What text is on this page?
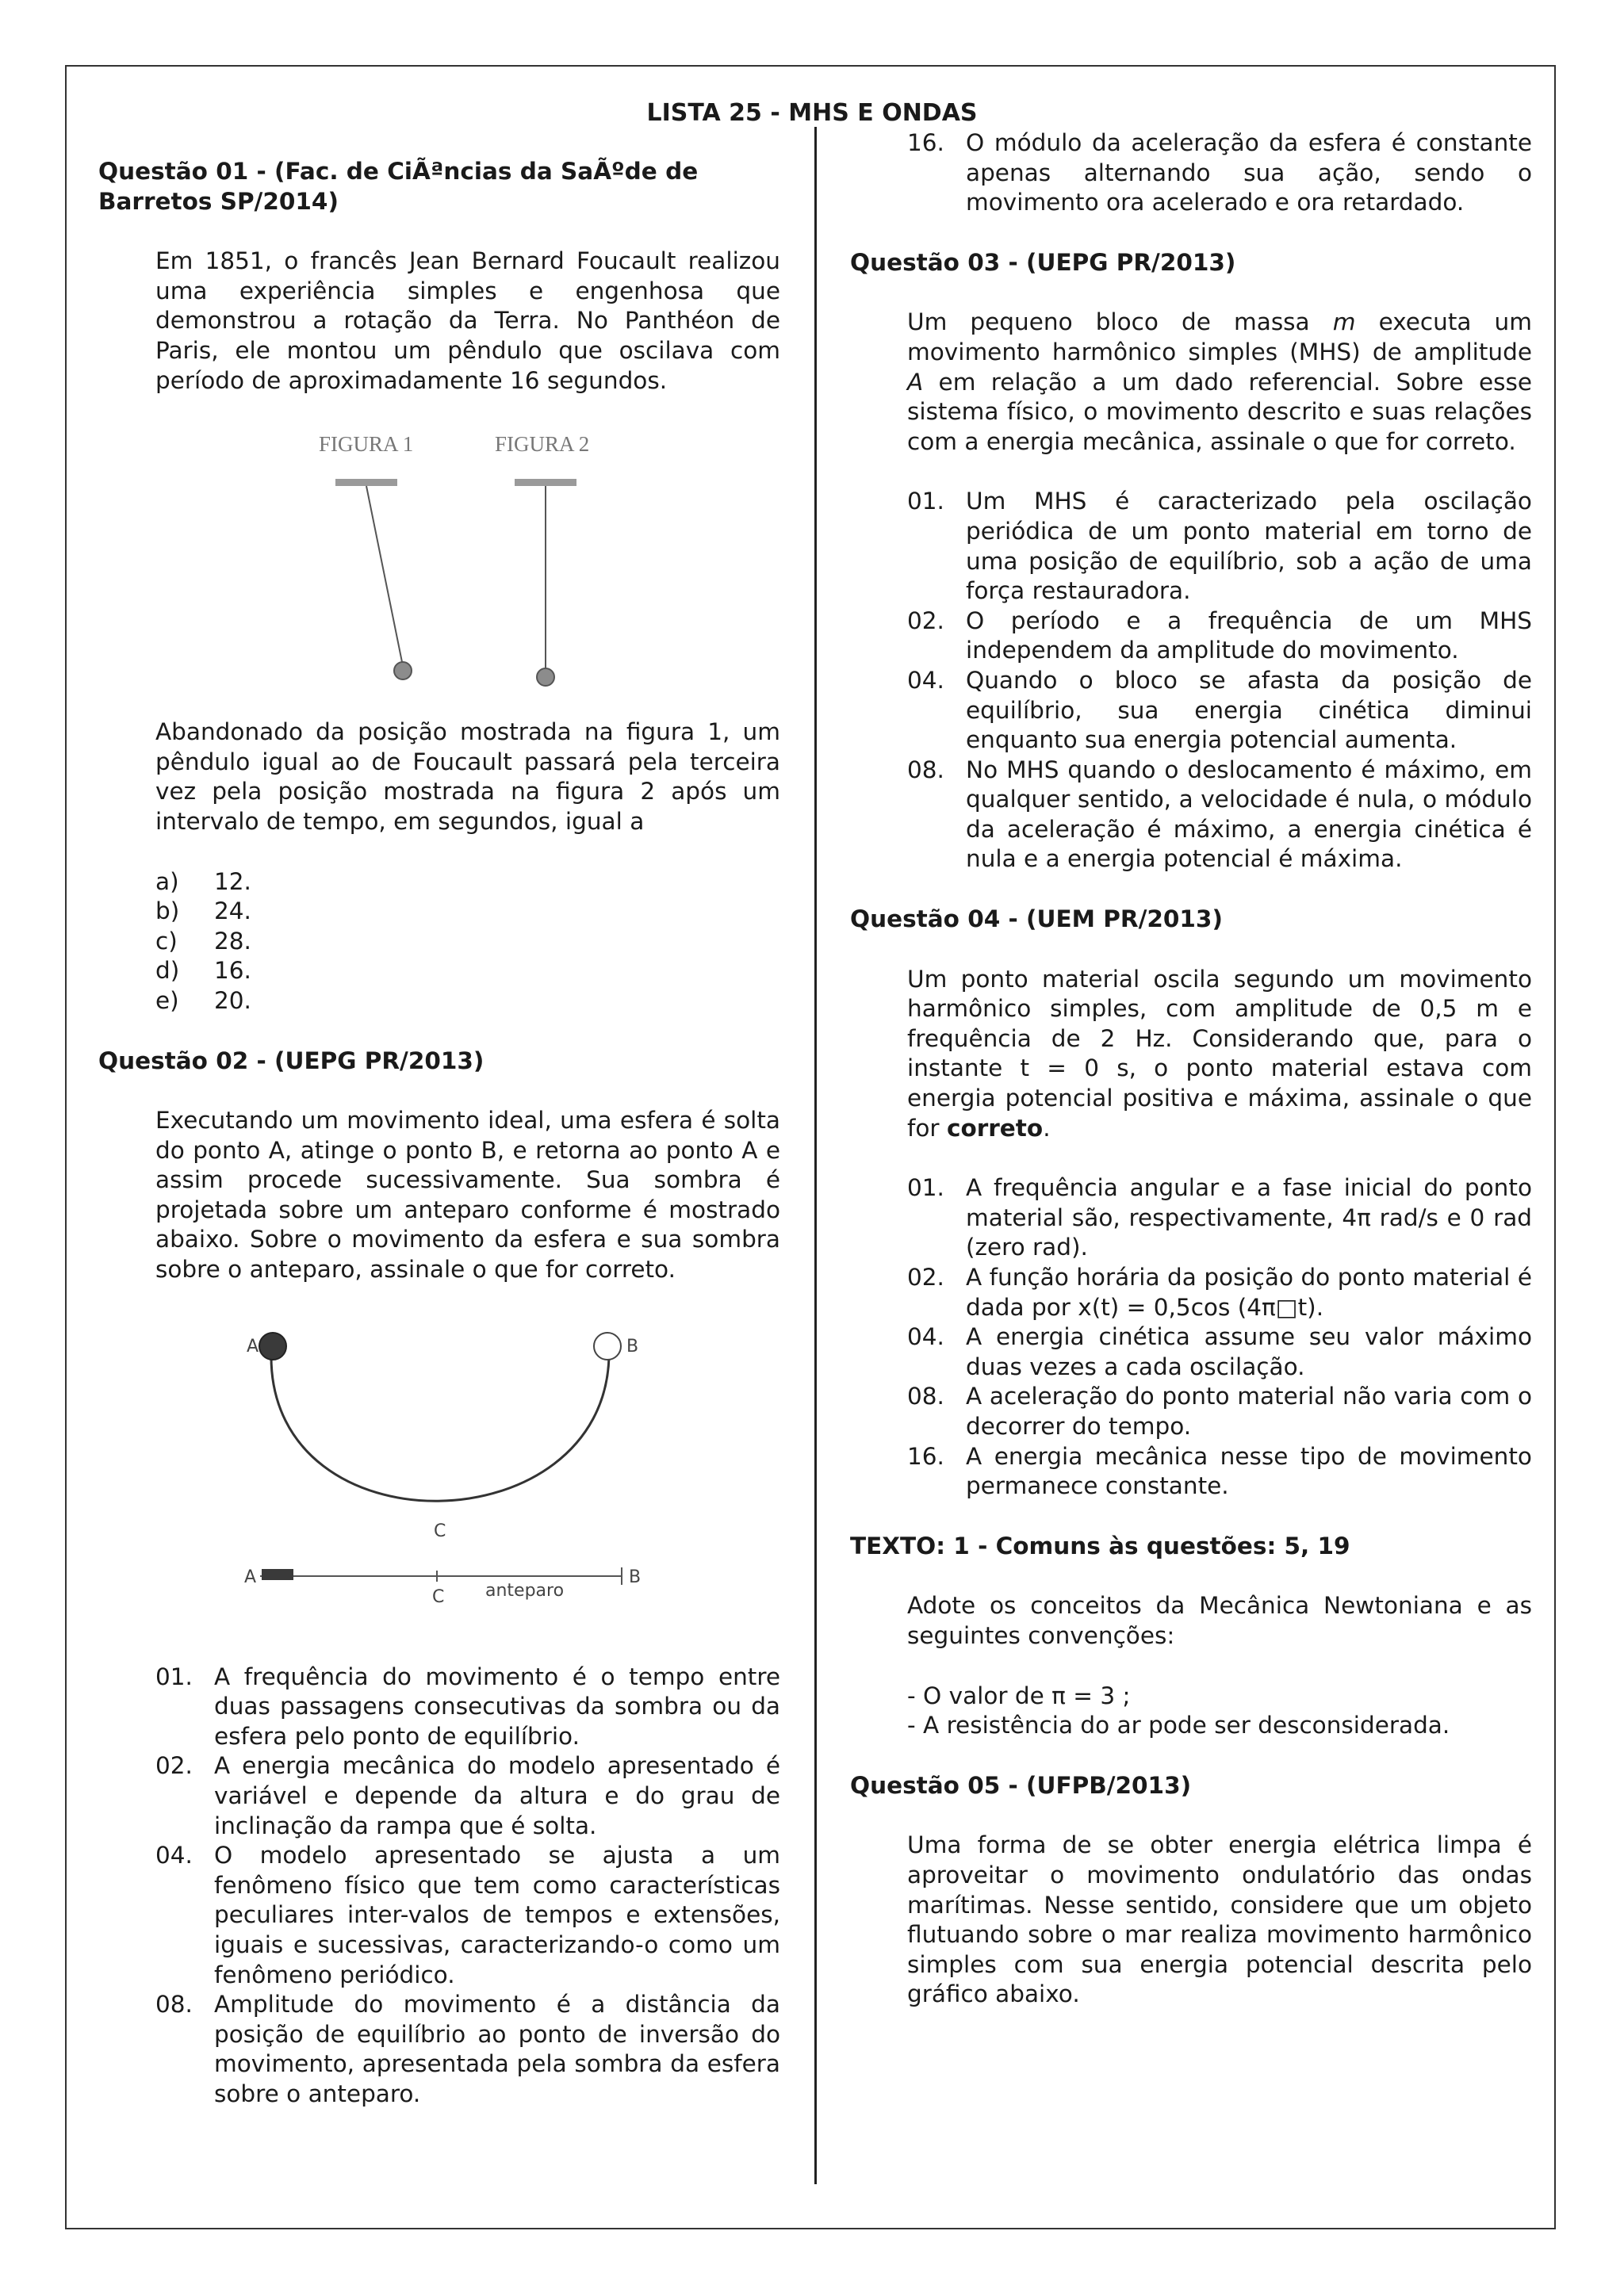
LISTA 25 - MHS E ONDAS
Questão 01 - (Fac. de CiÃªncias da SaÃºde de Barretos SP/2014)
Em 1851, o francês Jean Bernard Foucault realizou uma experiência simples e engenhosa que demonstrou a rotação da Terra. No Panthéon de Paris, ele montou um pêndulo que oscilava com período de aproximadamente 16 segundos.
FIGURA 1	FIGURA 2
Abandonado da posição mostrada na figura 1, um pêndulo igual ao de Foucault passará pela terceira vez pela posição mostrada na figura 2 após um intervalo de tempo, em segundos, igual a
a) 12.
b) 24.
c) 28.
d) 16.
e) 20.
Questão 02 - (UEPG PR/2013)
Executando um movimento ideal, uma esfera é solta do ponto A, atinge o ponto B, e retorna ao ponto A e assim procede sucessivamente. Sua sombra é projetada sobre um anteparo conforme é mostrado abaixo. Sobre o movimento da esfera e sua sombra sobre o anteparo, assinale o que for correto.
A	B
C
A	B
C anteparo
01. A frequência do movimento é o tempo entre duas passagens consecutivas da sombra ou da esfera pelo ponto de equilíbrio.
02. A energia mecânica do modelo apresentado é variável e depende da altura e do grau de inclinação da rampa que é solta.
04. O modelo apresentado se ajusta a um fenômeno físico que tem como características peculiares inter-valos de tempos e extensões, iguais e sucessivas, caracterizando-o como um fenômeno periódico.
08. Amplitude do movimento é a distância da posição de equilíbrio ao ponto de inversão do movimento, apresentada pela sombra da esfera sobre o anteparo.
16. O módulo da aceleração da esfera é constante apenas alternando sua ação, sendo o movimento ora acelerado e ora retardado.
Questão 03 - (UEPG PR/2013)
Um pequeno bloco de massa m executa um movimento harmônico simples (MHS) de amplitude A em relação a um dado referencial. Sobre esse sistema físico, o movimento descrito e suas relações com a energia mecânica, assinale o que for correto.
01. Um MHS é caracterizado pela oscilação periódica de um ponto material em torno de uma posição de equilíbrio, sob a ação de uma força restauradora.
02. O período e a frequência de um MHS independem da amplitude do movimento.
04. Quando o bloco se afasta da posição de equilíbrio, sua energia cinética diminui enquanto sua energia potencial aumenta.
08. No MHS quando o deslocamento é máximo, em qualquer sentido, a velocidade é nula, o módulo da aceleração é máximo, a energia cinética é nula e a energia potencial é máxima.
Questão 04 - (UEM PR/2013)
Um ponto material oscila segundo um movimento harmônico simples, com amplitude de 0,5 m e frequência de 2 Hz. Considerando que, para o instante t = 0 s, o ponto material estava com energia potencial positiva e máxima, assinale o que for correto.
01. A frequência angular e a fase inicial do ponto material são, respectivamente, 4π rad/s e 0 rad (zero rad).
02. A função horária da posição do ponto material é dada por x(t) = 0,5cos (4π□t).
04. A energia cinética assume seu valor máximo duas vezes a cada oscilação.
08. A aceleração do ponto material não varia com o decorrer do tempo.
16. A energia mecânica nesse tipo de movimento permanece constante.
TEXTO: 1 - Comuns às questões: 5, 19
Adote os conceitos da Mecânica Newtoniana e as seguintes convenções:
- O valor de π = 3 ;
- A resistência do ar pode ser desconsiderada.
Questão 05 - (UFPB/2013)
Uma forma de se obter energia elétrica limpa é aproveitar o movimento ondulatório das ondas marítimas. Nesse sentido, considere que um objeto flutuando sobre o mar realiza movimento harmônico simples com sua energia potencial descrita pelo gráfico abaixo.
